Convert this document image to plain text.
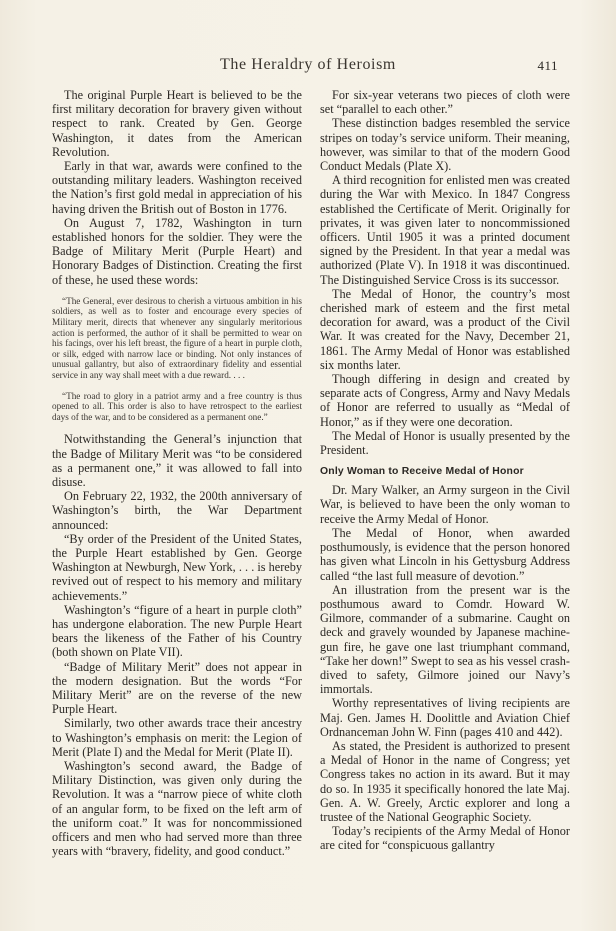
The Heraldry of Heroism	411

The original Purple Heart is believed to be the first military decoration for bravery given without respect to rank. Created by Gen. George Washington, it dates from the American Revolution.

Early in that war, awards were confined to the outstanding military leaders. Washington received the Nation’s first gold medal in appreciation of his having driven the British out of Boston in 1776.

On August 7, 1782, Washington in turn established honors for the soldier. They were the Badge of Military Merit (Purple Heart) and Honorary Badges of Distinction. Creating the first of these, he used these words:

“The General, ever desirous to cherish a virtuous ambition in his soldiers, as well as to foster and encourage every species of Military merit, directs that whenever any singularly meritorious action is performed, the author of it shall be permitted to wear on his facings, over his left breast, the figure of a heart in purple cloth, or silk, edged with narrow lace or binding. Not only instances of unusual gallantry, but also of extraordinary fidelity and essential service in any way shall meet with a due reward. . . .

“The road to glory in a patriot army and a free country is thus opened to all. This order is also to have retrospect to the earliest days of the war, and to be considered as a permanent one.”

Notwithstanding the General’s injunction that the Badge of Military Merit was “to be considered as a permanent one,” it was allowed to fall into disuse.

On February 22, 1932, the 200th anniversary of Washington’s birth, the War Department announced:

“By order of the President of the United States, the Purple Heart established by Gen. George Washington at Newburgh, New York, . . . is hereby revived out of respect to his memory and military achievements.”

Washington’s “figure of a heart in purple cloth” has undergone elaboration. The new Purple Heart bears the likeness of the Father of his Country (both shown on Plate VII).

“Badge of Military Merit” does not appear in the modern designation. But the words “For Military Merit” are on the reverse of the new Purple Heart.

Similarly, two other awards trace their ancestry to Washington’s emphasis on merit: the Legion of Merit (Plate I) and the Medal for Merit (Plate II).

Washington’s second award, the Badge of Military Distinction, was given only during the Revolution. It was a “narrow piece of white cloth of an angular form, to be fixed on the left arm of the uniform coat.” It was for noncommissioned officers and men who had served more than three years with “bravery, fidelity, and good conduct.”

For six-year veterans two pieces of cloth were set “parallel to each other.”

These distinction badges resembled the service stripes on today’s service uniform. Their meaning, however, was similar to that of the modern Good Conduct Medals (Plate X).

A third recognition for enlisted men was created during the War with Mexico. In 1847 Congress established the Certificate of Merit. Originally for privates, it was given later to noncommissioned officers. Until 1905 it was a printed document signed by the President. In that year a medal was authorized (Plate V). In 1918 it was discontinued. The Distinguished Service Cross is its successor.

The Medal of Honor, the country’s most cherished mark of esteem and the first metal decoration for award, was a product of the Civil War. It was created for the Navy, December 21, 1861. The Army Medal of Honor was established six months later.

Though differing in design and created by separate acts of Congress, Army and Navy Medals of Honor are referred to usually as “Medal of Honor,” as if they were one decoration.

The Medal of Honor is usually presented by the President.

Only Woman to Receive Medal of Honor

Dr. Mary Walker, an Army surgeon in the Civil War, is believed to have been the only woman to receive the Army Medal of Honor.

The Medal of Honor, when awarded posthumously, is evidence that the person honored has given what Lincoln in his Gettysburg Address called “the last full measure of devotion.”

An illustration from the present war is the posthumous award to Comdr. Howard W. Gilmore, commander of a submarine. Caught on deck and gravely wounded by Japanese machine-gun fire, he gave one last triumphant command, “Take her down!” Swept to sea as his vessel crash-dived to safety, Gilmore joined our Navy’s immortals.

Worthy representatives of living recipients are Maj. Gen. James H. Doolittle and Aviation Chief Ordnanceman John W. Finn (pages 410 and 442).

As stated, the President is authorized to present a Medal of Honor in the name of Congress; yet Congress takes no action in its award. But it may do so. In 1935 it specifically honored the late Maj. Gen. A. W. Greely, Arctic explorer and long a trustee of the National Geographic Society.

Today’s recipients of the Army Medal of Honor are cited for “conspicuous gallantry
